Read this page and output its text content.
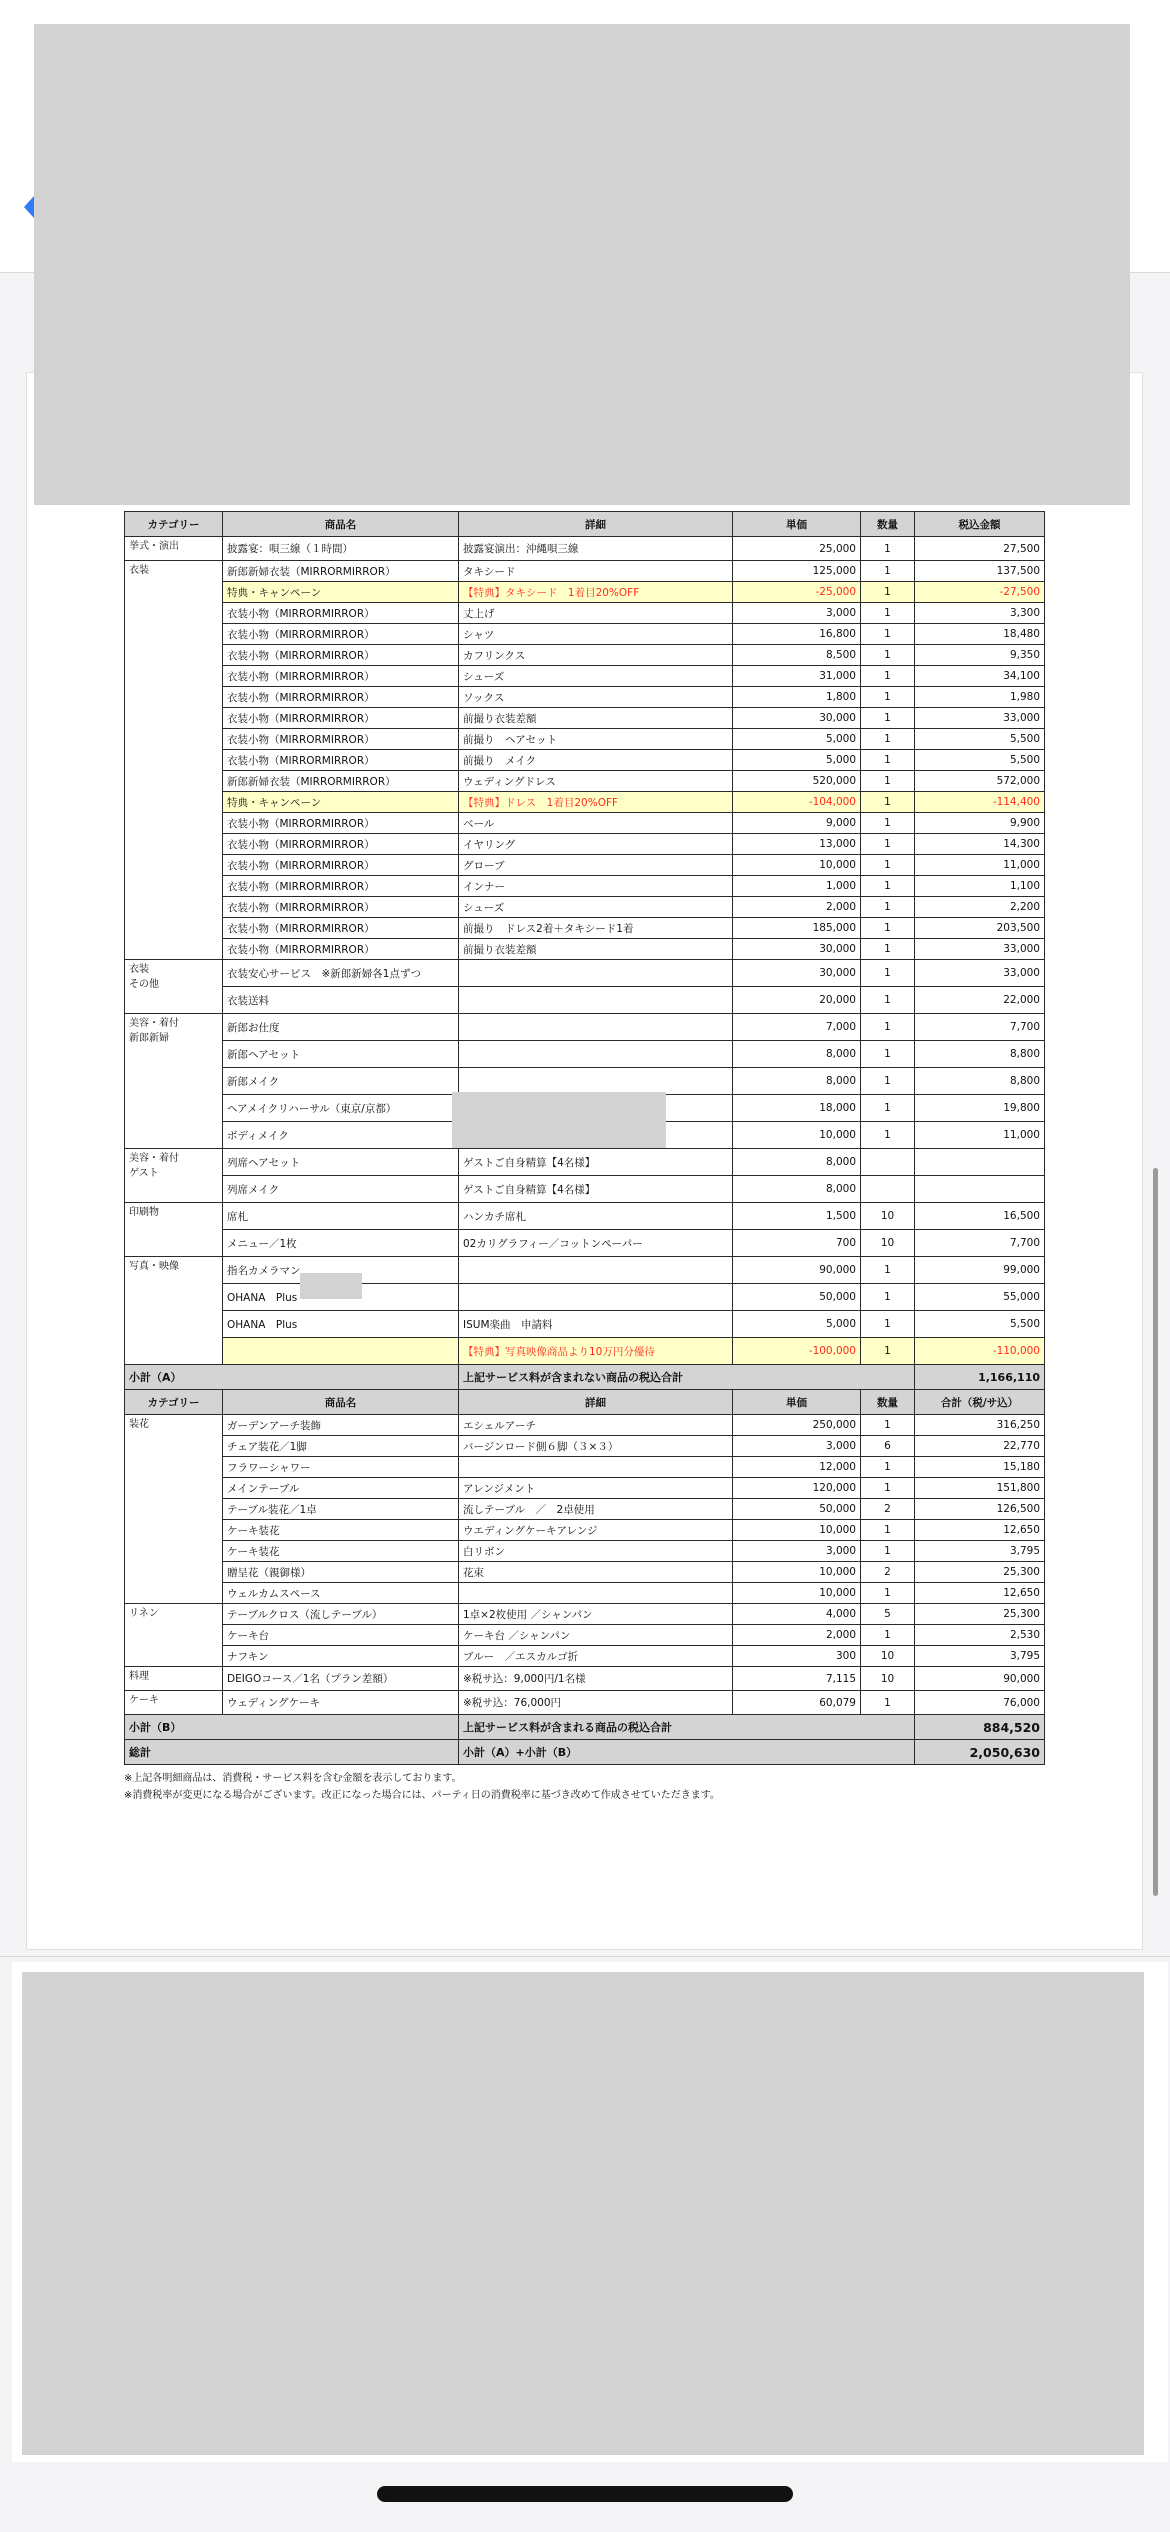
カテゴリー	商品名	詳細	単価	数量	税込金額
挙式・演出	披露宴：唄三線（１時間）	披露宴演出：沖縄唄三線	25,000	1	27,500
衣装	新郎新婦衣装（MIRRORMIRROR）	タキシード	125,000	1	137,500
	特典・キャンペーン	【特典】タキシード　1着目20%OFF	-25,000	1	-27,500
	衣装小物（MIRRORMIRROR）	丈上げ	3,000	1	3,300
	衣装小物（MIRRORMIRROR）	シャツ	16,800	1	18,480
	衣装小物（MIRRORMIRROR）	カフリンクス	8,500	1	9,350
	衣装小物（MIRRORMIRROR）	シューズ	31,000	1	34,100
	衣装小物（MIRRORMIRROR）	ソックス	1,800	1	1,980
	衣装小物（MIRRORMIRROR）	前撮り衣装差額	30,000	1	33,000
	衣装小物（MIRRORMIRROR）	前撮り　ヘアセット	5,000	1	5,500
	衣装小物（MIRRORMIRROR）	前撮り　メイク	5,000	1	5,500
	新郎新婦衣装（MIRRORMIRROR）	ウェディングドレス	520,000	1	572,000
	特典・キャンペーン	【特典】ドレス　1着目20%OFF	-104,000	1	-114,400
	衣装小物（MIRRORMIRROR）	ベール	9,000	1	9,900
	衣装小物（MIRRORMIRROR）	イヤリング	13,000	1	14,300
	衣装小物（MIRRORMIRROR）	グローブ	10,000	1	11,000
	衣装小物（MIRRORMIRROR）	インナー	1,000	1	1,100
	衣装小物（MIRRORMIRROR）	シューズ	2,000	1	2,200
	衣装小物（MIRRORMIRROR）	前撮り　ドレス2着＋タキシード1着	185,000	1	203,500
	衣装小物（MIRRORMIRROR）	前撮り衣装差額	30,000	1	33,000
衣装
その他	衣装安心サービス　※新郎新婦各1点ずつ		30,000	1	33,000
	衣装送料		20,000	1	22,000
美容・着付
新郎新婦	新郎お仕度		7,000	1	7,700
	新郎ヘアセット		8,000	1	8,800
	新郎メイク		8,000	1	8,800
	ヘアメイクリハーサル（東京/京都）		18,000	1	19,800
	ボディメイク		10,000	1	11,000
美容・着付
ゲスト	列席ヘアセット	ゲストご自身精算【4名様】	8,000		
	列席メイク	ゲストご自身精算【4名様】	8,000		
印刷物	席札	ハンカチ席札	1,500	10	16,500
	メニュー／1枚	02カリグラフィー／コットンペーパー	700	10	7,700
写真・映像	指名カメラマン		90,000	1	99,000
	OHANA　Plus		50,000	1	55,000
	OHANA　Plus	ISUM楽曲　申請料	5,000	1	5,500
		【特典】写真映像商品より10万円分優待	-100,000	1	-110,000
小計（A）		上記サービス料が含まれない商品の税込合計			1,166,110
カテゴリー	商品名	詳細	単価	数量	合計（税/サ込）
装花	ガーデンアーチ装飾	エシェルアーチ	250,000	1	316,250
	チェア装花／1脚	バージンロード側６脚（３×３）	3,000	6	22,770
	フラワーシャワー		12,000	1	15,180
	メインテーブル	アレンジメント	120,000	1	151,800
	テーブル装花／1卓	流しテーブル　／　2卓使用	50,000	2	126,500
	ケーキ装花	ウエディングケーキアレンジ	10,000	1	12,650
	ケーキ装花	白リボン	3,000	1	3,795
	贈呈花（親御様）	花束	10,000	2	25,300
	ウェルカムスペース		10,000	1	12,650
リネン	テーブルクロス（流しテーブル）	1卓×2枚使用 ／シャンパン	4,000	5	25,300
	ケーキ台	ケーキ台 ／シャンパン	2,000	1	2,530
	ナフキン	ブルー　／エスカルゴ折	300	10	3,795
料理	DEIGOコース／1名（プラン差額）	※税サ込：9,000円/1名様	7,115	10	90,000
ケーキ	ウェディングケーキ	※税サ込：76,000円	60,079	1	76,000
小計（B）		上記サービス料が含まれる商品の税込合計			884,520
総計		小計（A）+小計（B）			2,050,630
※上記各明細商品は、消費税・サービス料を含む金額を表示しております。
※消費税率が変更になる場合がございます。改正になった場合には、パーティ日の消費税率に基づき改めて作成させていただきます。
